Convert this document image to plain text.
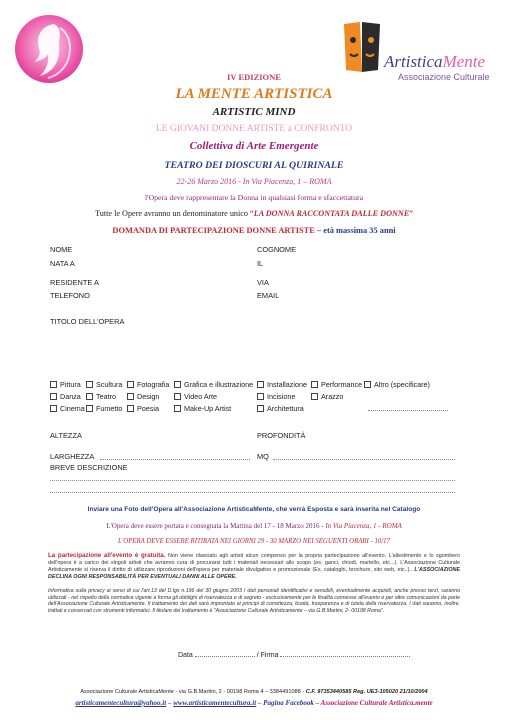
ArtisticaMente
Associazione Culturale
IV EDIZIONE
LA MENTE ARTISTICA
ARTISTIC MIND
LE GIOVANI DONNE ARTISTE a CONFRONTO
Collettiva di Arte Emergente
TEATRO DEI DIOSCURI AL QUIRINALE
22-26 Marzo 2016 - In Via Piacenza, 1 – ROMA
l'Opera deve rappresentare la Donna in qualsiasi forma e sfaccettatura
Tutte le Opere avranno un denominatore unico “LA DONNA RACCONTATA DALLE DONNE”
DOMANDA DI PARTECIPAZIONE DONNE ARTISTE – età massima 35 anni
NOME	COGNOME
NATA A	IL
RESIDENTE A	VIA
TELEFONO	EMAIL
TITOLO DELL'OPERA
Pittura	Scultura	Fotografia	Grafica e illustrazione	Installazione	Performance	Altro (specificare)
Danza	Teatro	Design	Video Arte	Incisione	Arazzo
Cinema	Fumetto	Poesia	Make-Up Artist	Architettura
ALTEZZA	PROFONDITÀ
LARGHEZZA	MQ
BREVE DESCRIZIONE
Inviare una Foto dell'Opera all'Associazione ArtisticaMente, che verrà Esposta e sarà inserita nel Catalogo
L'Opera deve essere portata e consegnata la Mattina del 17 - 18 Marzo 2016 - In Via Piacenza, 1 - ROMA
L'OPERA DEVE ESSERE RITIRATA NEI GIORNI 29 - 30 MARZO NEI SEGUENTI ORARI - 10/17
La partecipazione all'evento è gratuita. Non viene rilasciato agli artisti alcun compenso per la propria partecipazione all'evento. L'allestimento e lo sgombero dell'opera è a carico dei singoli artisti che avranno cura di procurarsi tutti i materiali necessari allo scopo (es. ganci, chiodi, martello, etc...). L'Associazione Culturale Artisticamente si riserva il diritto di utilizzare riproduzioni dell'opera per materiale divulgativo e promozionale (Es. cataloghi, brochure, sito web, etc..).. L'ASSOCIAZIONE DECLINA OGNI RESPONSABILITÀ PER EVENTUALI DANNI ALLE OPERE.
Informativa sulla privacy ai sensi di cui l'art.13 del D.lgs n.196 del 30 giugno 2003 I dati personali identificativi e sensibili, eventualmente acquisiti, anche presso terzi, saranno utilizzati - nel rispetto della normativa vigente a forma gli obblighi di riservatezza e di segreto - esclusivamente per le finalità connesse all'evento e per altre comunicazioni da parte dell'Associazione Culturale Artisticamente. Il trattamento dei dati sarà improntato ai principi di correttezza, liceità, trasparenza e di tutela della riservatezza. I dati saranno, inoltre, trattati e conservati con strumenti informatici. Il titolare del trattamento è "Associazione Culturale Artisticamente – via G.B.Martini, 2- 00198 Roma".
Data	/ Firma
Associazione Culturale ArtisticaMente - via G.B.Martini, 2 - 00198 Roma 4 – 3384491088 - C.F. 97353440585 Reg. UE3-105020 21/10/2004
artisticamentecultura@yahoo.it – www.artisticamentecultura.it – Pagina Facebook – Associazione Culturale Artistica.mente
